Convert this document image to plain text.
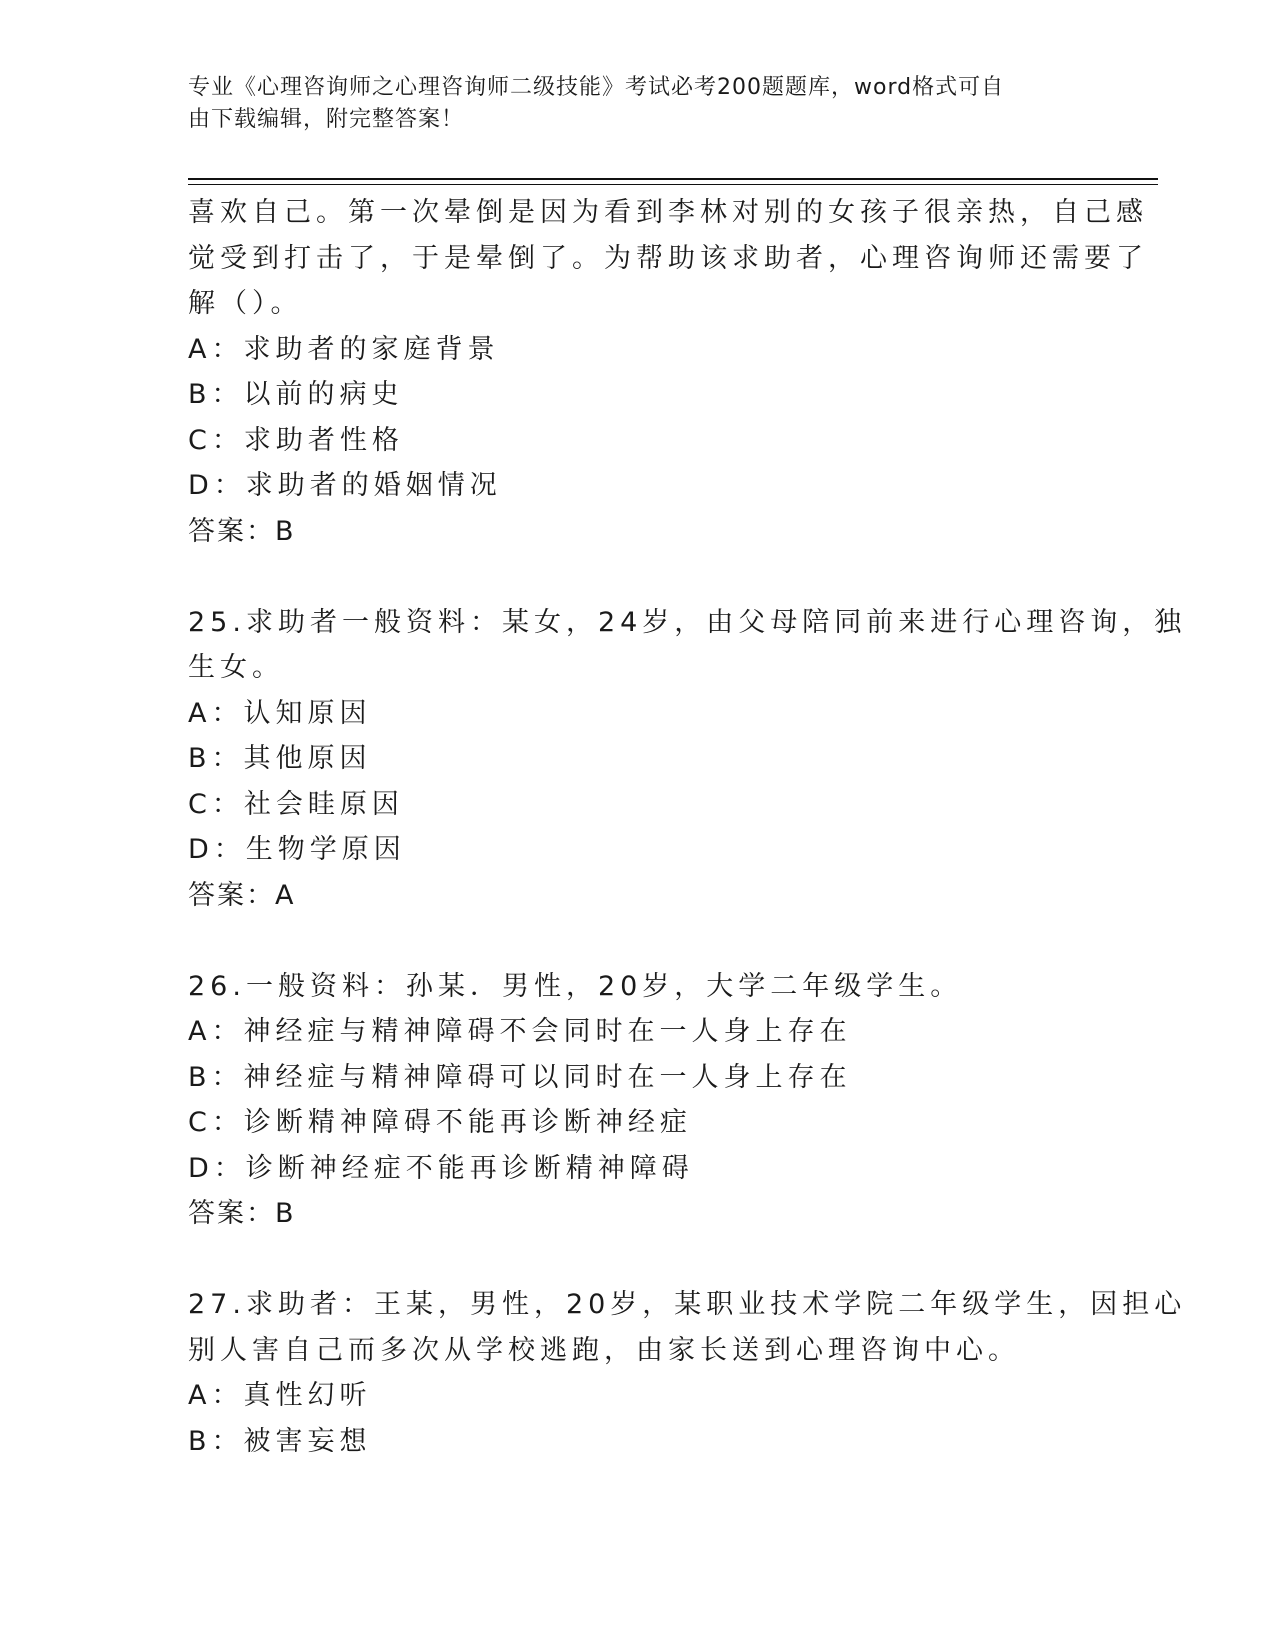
专业《心理咨询师之心理咨询师二级技能》考试必考200题题库，word格式可自
由下载编辑，附完整答案！
喜欢自己。第一次晕倒是因为看到李林对别的女孩子很亲热，自己感
觉受到打击了，于是晕倒了。为帮助该求助者，心理咨询师还需要了
解（）。
A：求助者的家庭背景
B：以前的病史
C：求助者性格
D：求助者的婚姻情况
答案：B
25.求助者一般资料：某女，24岁，由父母陪同前来进行心理咨询，独
生女。
A：认知原因
B：其他原因
C：社会眭原因
D：生物学原因
答案：A
26.一般资料：孙某．男性，20岁，大学二年级学生。
A：神经症与精神障碍不会同时在一人身上存在
B：神经症与精神障碍可以同时在一人身上存在
C：诊断精神障碍不能再诊断神经症
D：诊断神经症不能再诊断精神障碍
答案：B
27.求助者：王某，男性，20岁，某职业技术学院二年级学生，因担心
别人害自己而多次从学校逃跑，由家长送到心理咨询中心。
A：真性幻听
B：被害妄想
